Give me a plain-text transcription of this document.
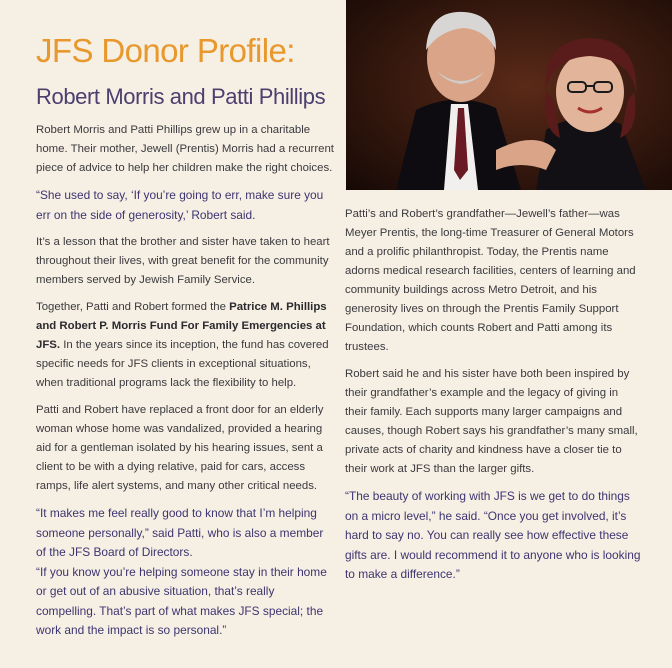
JFS Donor Profile:
Robert Morris and Patti Phillips

Robert Morris and Patti Phillips grew up in a charitable home. Their mother, Jewell (Prentis) Morris had a recurrent piece of advice to help her children make the right choices.

“She used to say, ‘If you’re going to err, make sure you err on the side of generosity,’ Robert said.

It’s a lesson that the brother and sister have taken to heart throughout their lives, with great benefit for the community members served by Jewish Family Service.

Together, Patti and Robert formed the Patrice M. Phillips and Robert P. Morris Fund For Family Emergencies at JFS. In the years since its inception, the fund has covered specific needs for JFS clients in exceptional situations, when traditional programs lack the flexibility to help.

Patti and Robert have replaced a front door for an elderly woman whose home was vandalized, provided a hearing aid for a gentleman isolated by his hearing issues, sent a client to be with a dying relative, paid for cars, access ramps, life alert systems, and many other critical needs.

“It makes me feel really good to know that I’m helping someone personally,” said Patti, who is also a member of the JFS Board of Directors.

“If you know you’re helping someone stay in their home or get out of an abusive situation, that’s really compelling. That’s part of what makes JFS special; the work and the impact is so personal.”

Patti’s and Robert’s grandfather—Jewell’s father—was Meyer Prentis, the long-time Treasurer of General Motors and a prolific philanthropist. Today, the Prentis name adorns medical research facilities, centers of learning and community buildings across Metro Detroit, and his generosity lives on through the Prentis Family Support Foundation, which counts Robert and Patti among its trustees.

Robert said he and his sister have both been inspired by their grandfather’s example and the legacy of giving in their family. Each supports many larger campaigns and causes, though Robert says his grandfather’s many small, private acts of charity and kindness have a closer tie to their work at JFS than the larger gifts.

“The beauty of working with JFS is we get to do things on a micro level,” he said. “Once you get involved, it’s hard to say no. You can really see how effective these gifts are. I would recommend it to anyone who is looking to make a difference.”
